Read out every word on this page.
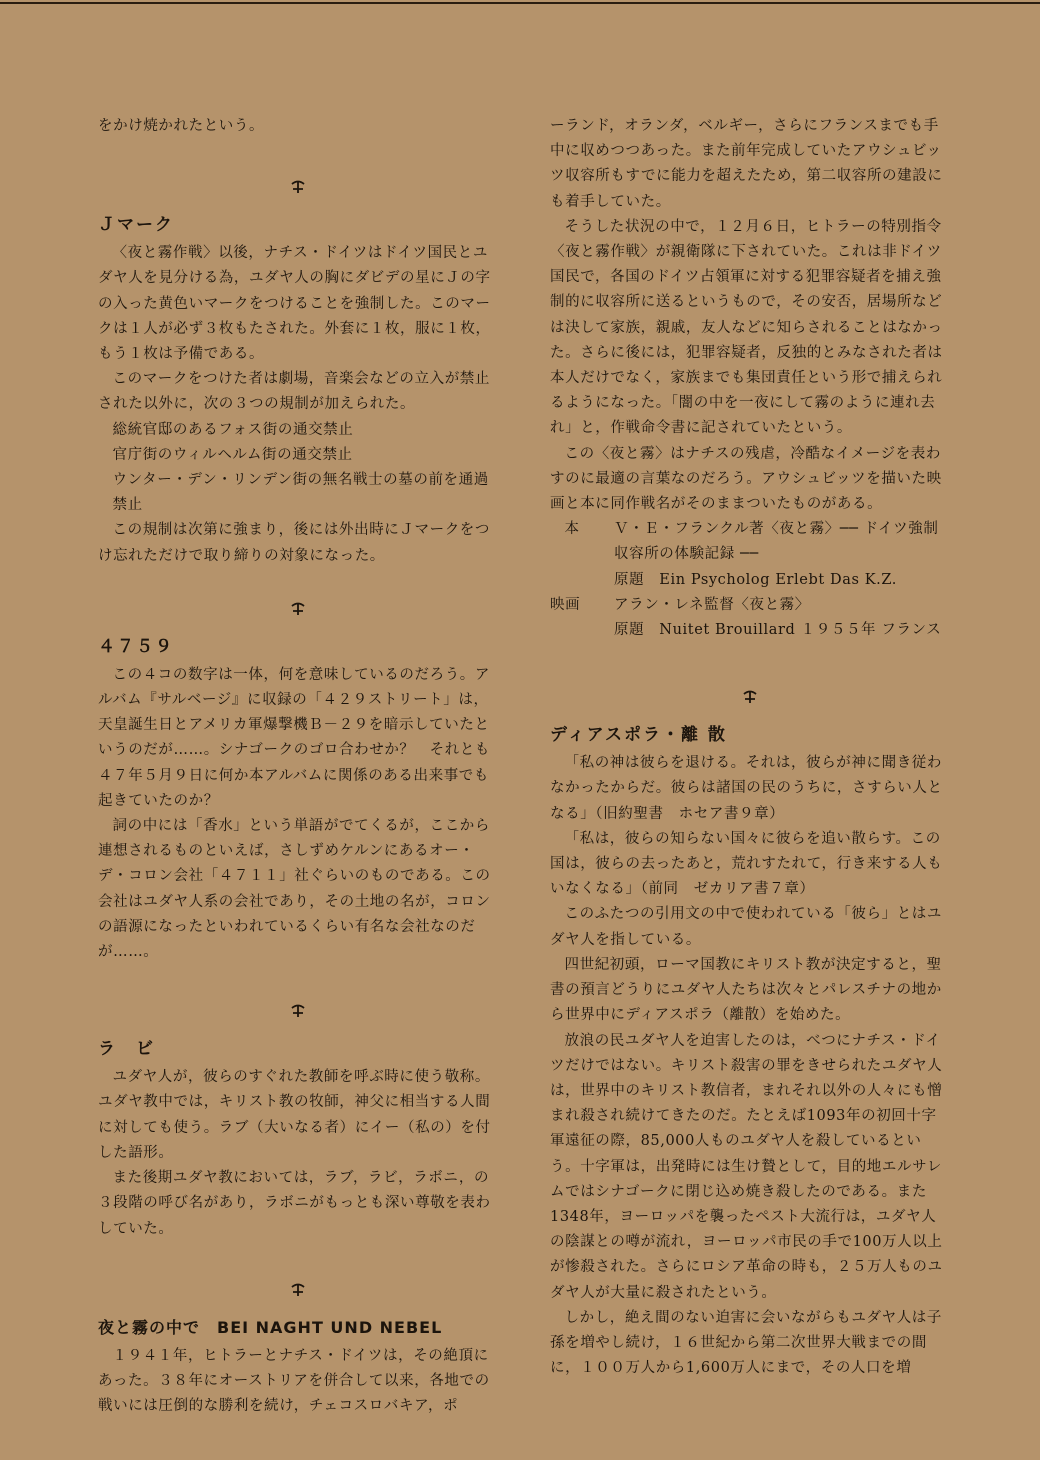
をかけ焼かれたという。

Ｊマーク

〈夜と霧作戦〉以後，ナチス・ドイツはドイツ国民とユダヤ人を見分ける為，ユダヤ人の胸にダビデの星にＪの字の入った黄色いマークをつけることを強制した。このマークは１人が必ず３枚もたされた。外套に１枚，服に１枚，もう１枚は予備である。

このマークをつけた者は劇場，音楽会などの立入が禁止された以外に，次の３つの規制が加えられた。

総統官邸のあるフォス街の通交禁止

官庁街のウィルヘルム街の通交禁止

ウンター・デン・リンデン街の無名戦士の墓の前を通過禁止

この規制は次第に強まり，後には外出時にＪマークをつけ忘れただけで取り締りの対象になった。

４７５９

この４コの数字は一体，何を意味しているのだろう。アルバム『サルベージ』に収録の「４２９ストリート」は，天皇誕生日とアメリカ軍爆撃機Ｂ－２９を暗示していたというのだが……。シナゴークのゴロ合わせか？　それとも４７年５月９日に何か本アルバムに関係のある出来事でも起きていたのか？

詞の中には「香水」という単語がでてくるが，ここから連想されるものといえば，さしずめケルンにあるオー・デ・コロン会社「４７１１」社ぐらいのものである。この会社はユダヤ人系の会社であり，その土地の名が，コロンの語源になったといわれているくらい有名な会社なのだが……。

ラ　ビ

ユダヤ人が，彼らのすぐれた教師を呼ぶ時に使う敬称。ユダヤ教中では，キリスト教の牧師，神父に相当する人間に対しても使う。ラブ（大いなる者）にイー（私の）を付した語形。

また後期ユダヤ教においては，ラブ，ラビ，ラボニ，の３段階の呼び名があり，ラボニがもっとも深い尊敬を表わしていた。

夜と霧の中で　BEI NAGHT UND NEBEL

１９４１年，ヒトラーとナチス・ドイツは，その絶頂にあった。３８年にオーストリアを併合して以来，各地での戦いには圧倒的な勝利を続け，チェコスロバキア，ポ

ーランド，オランダ，ベルギー，さらにフランスまでも手中に収めつつあった。また前年完成していたアウシュビッツ収容所もすでに能力を超えたため，第二収容所の建設にも着手していた。

そうした状況の中で，１２月６日，ヒトラーの特別指令〈夜と霧作戦〉が親衛隊に下されていた。これは非ドイツ国民で，各国のドイツ占領軍に対する犯罪容疑者を捕え強制的に収容所に送るというもので，その安否，居場所などは決して家族，親戚，友人などに知らされることはなかった。さらに後には，犯罪容疑者，反独的とみなされた者は本人だけでなく，家族までも集団責任という形で捕えられるようになった。「闇の中を一夜にして霧のように連れ去れ」と，作戦命令書に記されていたという。

この〈夜と霧〉はナチスの残虐，冷酷なイメージを表わすのに最適の言葉なのだろう。アウシュビッツを描いた映画と本に同作戦名がそのままついたものがある。

本	Ｖ・Ｅ・フランクル著〈夜と霧〉── ドイツ強制収容所の体験記録 ──
原題　Ein Psycholog Erlebt Das K.Z.
映画	アラン・レネ監督〈夜と霧〉
原題　Nuitet Brouillard １９５５年 フランス
ディアスポラ・離 散

「私の神は彼らを退ける。それは，彼らが神に聞き従わなかったからだ。彼らは諸国の民のうちに，さすらい人となる」（旧約聖書　ホセア書９章）

「私は，彼らの知らない国々に彼らを追い散らす。この国は，彼らの去ったあと，荒れすたれて，行き来する人もいなくなる」（前同　ゼカリア書７章）

このふたつの引用文の中で使われている「彼ら」とはユダヤ人を指している。

四世紀初頭，ローマ国教にキリスト教が決定すると，聖書の預言どうりにユダヤ人たちは次々とパレスチナの地から世界中にディアスポラ（離散）を始めた。

放浪の民ユダヤ人を迫害したのは，べつにナチス・ドイツだけではない。キリスト殺害の罪をきせられたユダヤ人は，世界中のキリスト教信者，まれそれ以外の人々にも憎まれ殺され続けてきたのだ。たとえば1093年の初回十字軍遠征の際，85,000人ものユダヤ人を殺しているという。十字軍は，出発時には生け贄として，目的地エルサレムではシナゴークに閉じ込め焼き殺したのである。また1348年，ヨーロッパを襲ったペスト大流行は，ユダヤ人の陰謀との噂が流れ，ヨーロッパ市民の手で100万人以上が惨殺された。さらにロシア革命の時も，２５万人ものユダヤ人が大量に殺されたという。

しかし，絶え間のない迫害に会いながらもユダヤ人は子孫を増やし続け，１６世紀から第二次世界大戦までの間に，１００万人から1,600万人にまで，その人口を増
